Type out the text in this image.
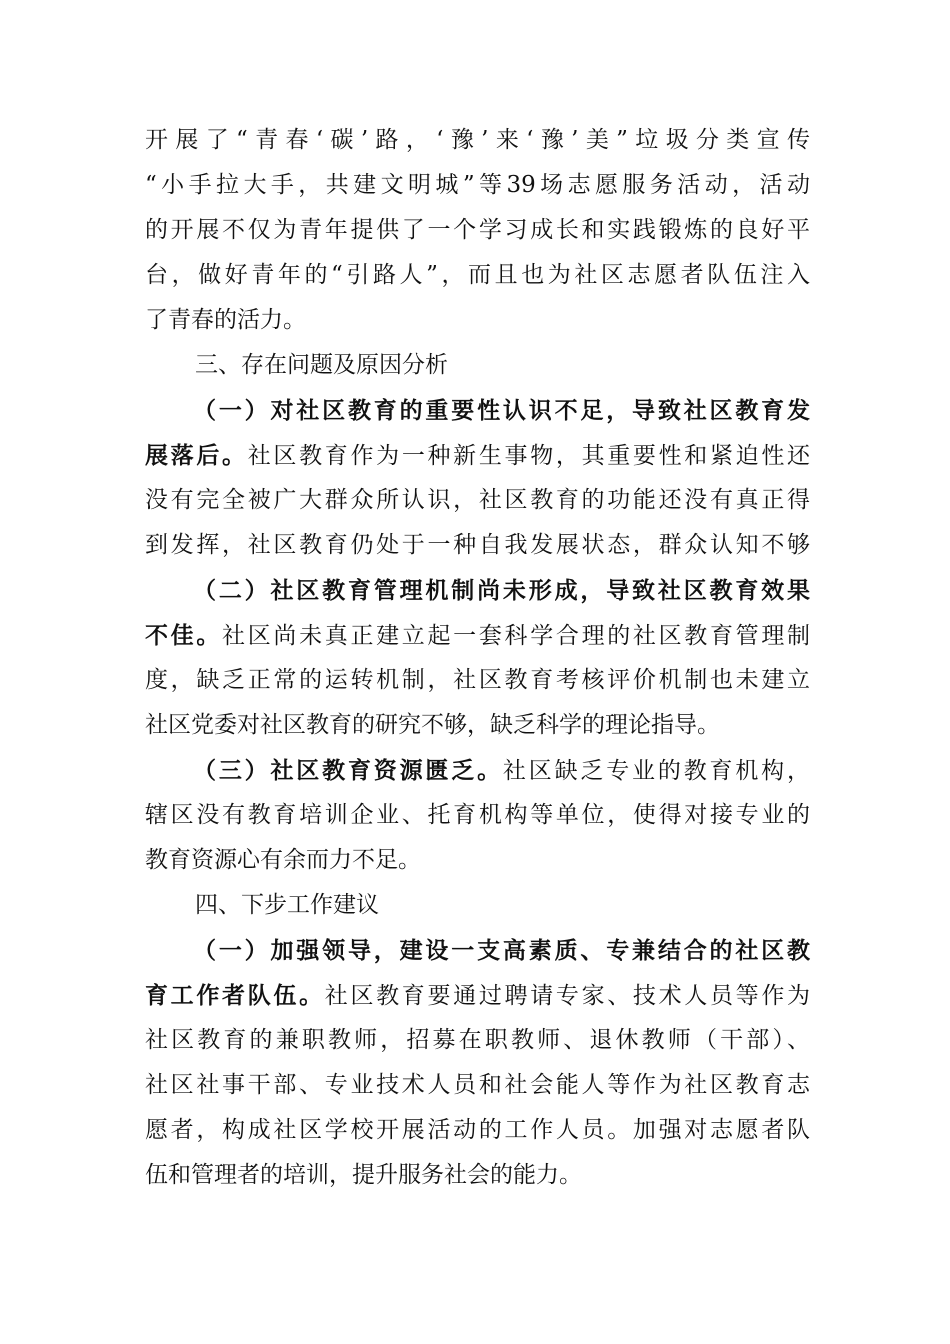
开展了“青春‘碳’路，‘豫’来‘豫’美”垃圾分类宣传
“小手拉大手，共建文明城”等39场志愿服务活动，活动
的开展不仅为青年提供了一个学习成长和实践锻炼的良好平
台，做好青年的“引路人”，而且也为社区志愿者队伍注入
了青春的活力。
三、存在问题及原因分析
（一）对社区教育的重要性认识不足，导致社区教育发
展落后。社区教育作为一种新生事物，其重要性和紧迫性还
没有完全被广大群众所认识，社区教育的功能还没有真正得
到发挥，社区教育仍处于一种自我发展状态，群众认知不够
（二）社区教育管理机制尚未形成，导致社区教育效果
不佳。社区尚未真正建立起一套科学合理的社区教育管理制
度，缺乏正常的运转机制，社区教育考核评价机制也未建立
社区党委对社区教育的研究不够，缺乏科学的理论指导。
（三）社区教育资源匮乏。社区缺乏专业的教育机构，
辖区没有教育培训企业、托育机构等单位，使得对接专业的
教育资源心有余而力不足。
四、下步工作建议
（一）加强领导，建设一支高素质、专兼结合的社区教
育工作者队伍。社区教育要通过聘请专家、技术人员等作为
社区教育的兼职教师，招募在职教师、退休教师（干部）、
社区社事干部、专业技术人员和社会能人等作为社区教育志
愿者，构成社区学校开展活动的工作人员。加强对志愿者队
伍和管理者的培训，提升服务社会的能力。
